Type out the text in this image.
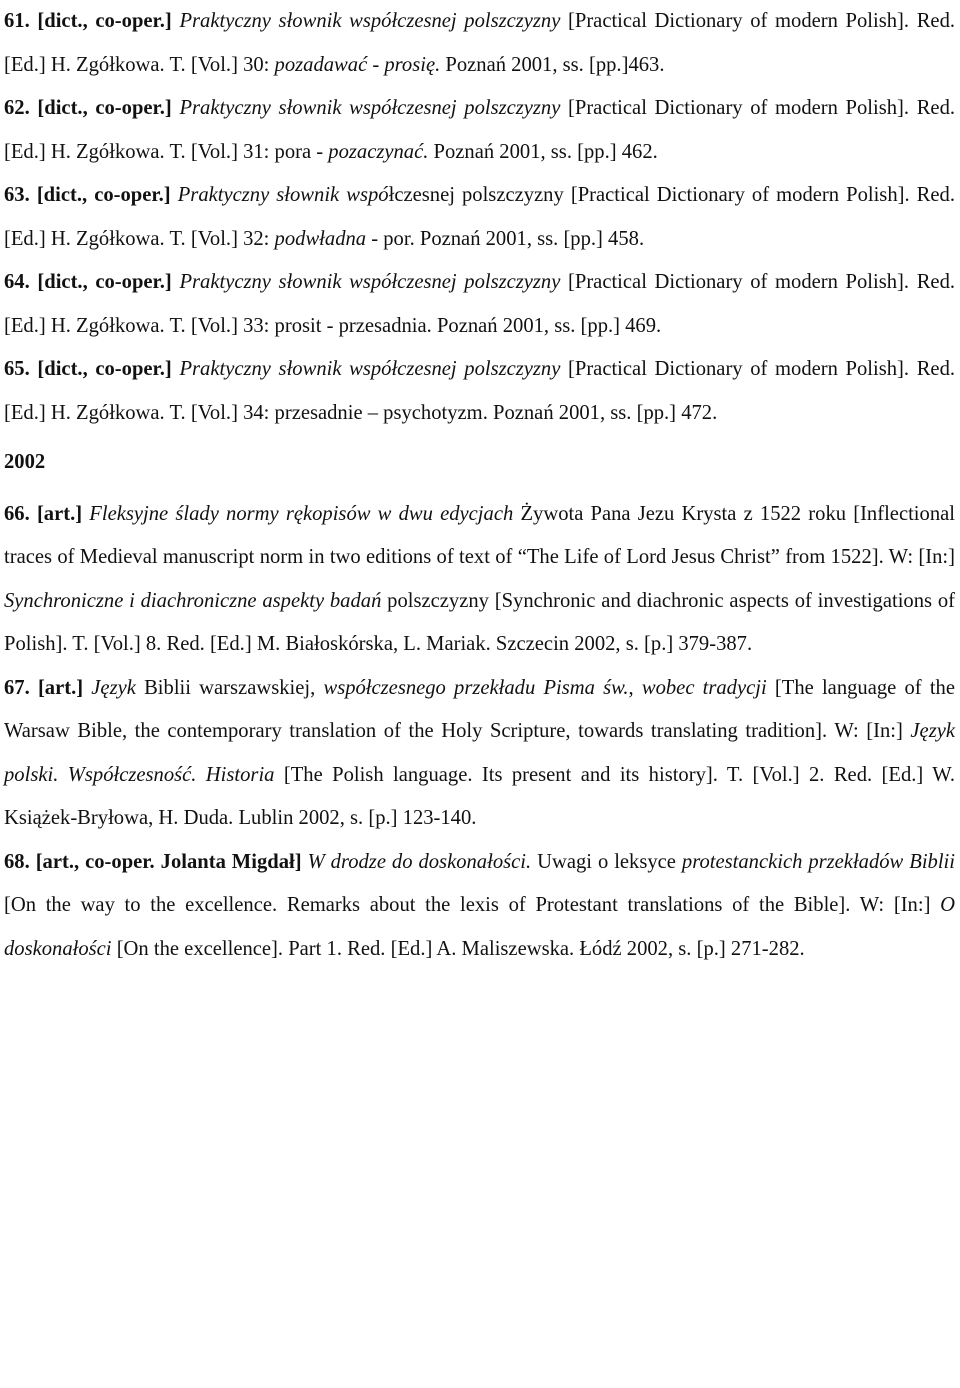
61. [dict., co-oper.] Praktyczny słownik współczesnej polszczyzny [Practical Dictionary of modern Polish]. Red. [Ed.] H. Zgółkowa. T. [Vol.] 30: pozadawać - prosię. Poznań 2001, ss. [pp.]463.

62. [dict., co-oper.] Praktyczny słownik współczesnej polszczyzny [Practical Dictionary of modern Polish]. Red. [Ed.] H. Zgółkowa. T. [Vol.] 31: pora - pozaczynać. Poznań 2001, ss. [pp.] 462.

63. [dict., co-oper.] Praktyczny słownik współczesnej polszczyzny [Practical Dictionary of modern Polish]. Red. [Ed.] H. Zgółkowa. T. [Vol.] 32: podwładna - por. Poznań 2001, ss. [pp.] 458.

64. [dict., co-oper.] Praktyczny słownik współczesnej polszczyzny [Practical Dictionary of modern Polish]. Red. [Ed.] H. Zgółkowa. T. [Vol.] 33: prosit - przesadnia. Poznań 2001, ss. [pp.] 469.

65. [dict., co-oper.] Praktyczny słownik współczesnej polszczyzny [Practical Dictionary of modern Polish]. Red. [Ed.] H. Zgółkowa. T. [Vol.] 34: przesadnie – psychotyzm. Poznań 2001, ss. [pp.] 472.

2002

66. [art.] Fleksyjne ślady normy rękopisów w dwu edycjach Żywota Pana Jezu Krysta z 1522 roku [Inflectional traces of Medieval manuscript norm in two editions of text of “The Life of Lord Jesus Christ” from 1522]. W: [In:] Synchroniczne i diachroniczne aspekty badań polszczyzny [Synchronic and diachronic aspects of investigations of Polish]. T. [Vol.] 8. Red. [Ed.] M. Białoskórska, L. Mariak. Szczecin 2002, s. [p.] 379-387.

67. [art.] Język Biblii warszawskiej, współczesnego przekładu Pisma św., wobec tradycji [The language of the Warsaw Bible, the contemporary translation of the Holy Scripture, towards translating tradition]. W: [In:] Język polski. Współczesność. Historia [The Polish language. Its present and its history]. T. [Vol.] 2. Red. [Ed.] W. Książek-Bryłowa, H. Duda. Lublin 2002, s. [p.] 123-140.

68. [art., co-oper. Jolanta Migdał] W drodze do doskonałości. Uwagi o leksyce protestanckich przekładów Biblii [On the way to the excellence. Remarks about the lexis of Protestant translations of the Bible]. W: [In:] O doskonałości [On the excellence]. Part 1. Red. [Ed.] A. Maliszewska. Łódź 2002, s. [p.] 271-282.
